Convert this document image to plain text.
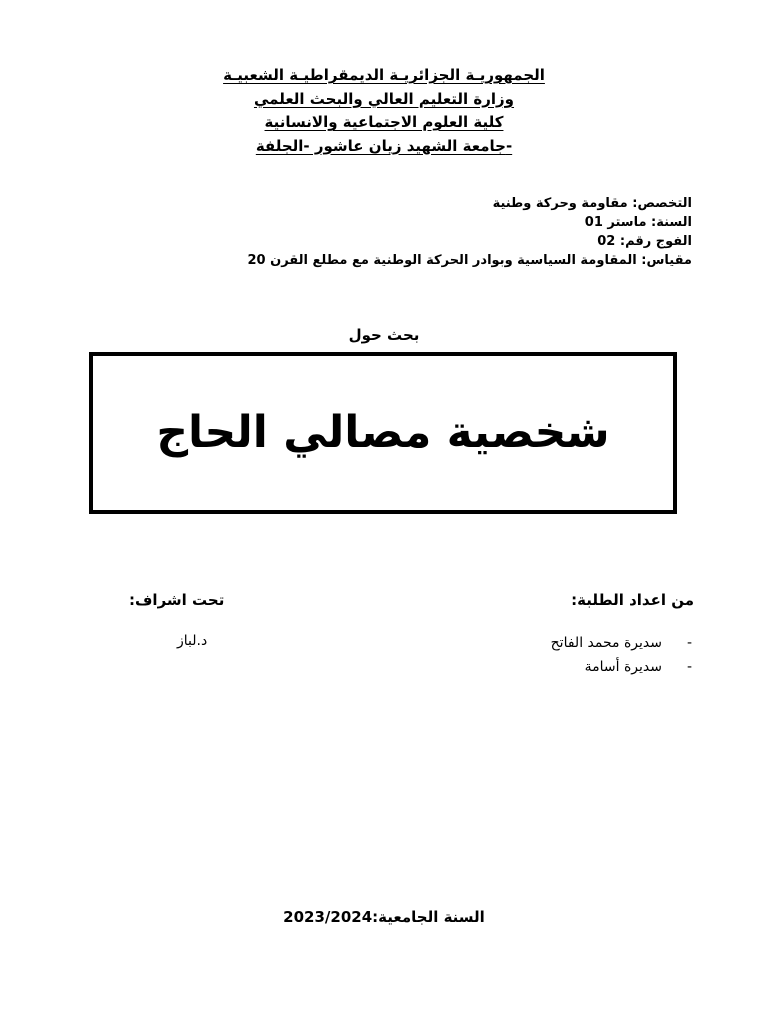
الجمهوريـة الجزائريـة الديمقراطيـة الشعبيـة
وزارة التعليم العالي والبحث العلمي
كلية العلوم الاجتماعية والانسانية
جامعة الشهيد زيان عاشور -الجلفة-
التخصص: مقاومة وحركة وطنية
السنة: ماستر 01
الفوج رقم: 02
مقياس: المقاومة السياسية وبوادر الحركة الوطنية مع مطلع القرن 20
بحث حول
شخصية مصالي الحاج
من اعداد الطلبة:
تحت اشراف:
-
سديرة محمد الفاتح
-
سديرة أسامة
د.لباز
السنة الجامعية:2023/2024
